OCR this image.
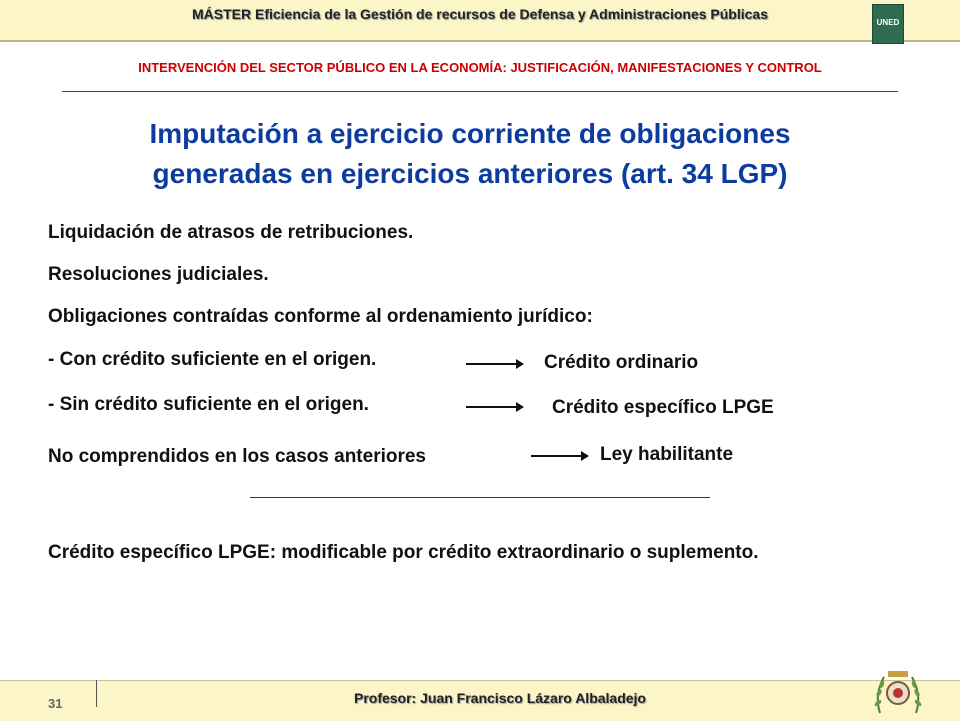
MÁSTER Eficiencia de la Gestión de recursos de Defensa y Administraciones Públicas
UNED
INTERVENCIÓN DEL SECTOR PÚBLICO EN LA ECONOMÍA: JUSTIFICACIÓN, MANIFESTACIONES Y CONTROL
Imputación a ejercicio corriente de obligaciones
generadas en ejercicios anteriores (art. 34 LGP)
Liquidación de atrasos de retribuciones.
Resoluciones judiciales.
Obligaciones contraídas conforme al ordenamiento jurídico:
- Con crédito suficiente en el origen.	Crédito ordinario
- Sin crédito suficiente en el origen.	Crédito específico LPGE
No comprendidos en los casos anteriores	Ley habilitante
Crédito específico LPGE: modificable por crédito extraordinario o suplemento.
31	Profesor: Juan Francisco Lázaro Albaladejo
